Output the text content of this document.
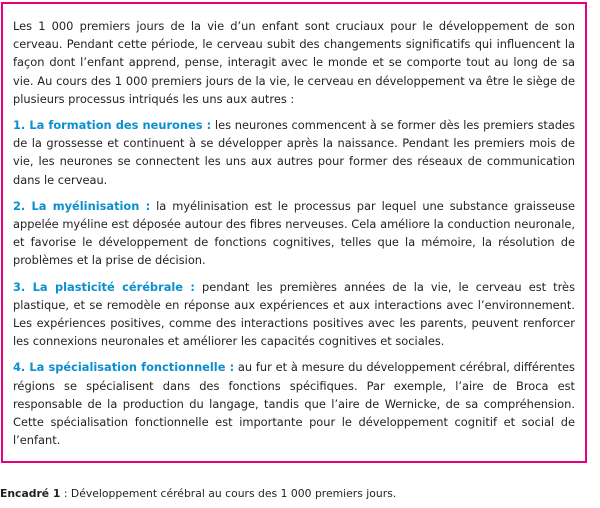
Les 1 000 premiers jours de la vie d’un enfant sont cruciaux pour le développement de son cerveau. Pendant cette période, le cerveau subit des changements significatifs qui influencent la façon dont l’enfant apprend, pense, interagit avec le monde et se comporte tout au long de sa vie. Au cours des 1 000 premiers jours de la vie, le cerveau en développement va être le siège de plusieurs processus intriqués les uns aux autres :

1. La formation des neurones : les neurones commencent à se former dès les premiers stades de la grossesse et continuent à se développer après la naissance. Pendant les premiers mois de vie, les neurones se connectent les uns aux autres pour former des réseaux de communication dans le cerveau.

2. La myélinisation : la myélinisation est le processus par lequel une substance graisseuse appelée myéline est déposée autour des fibres nerveuses. Cela améliore la conduction neuronale, et favorise le développement de fonctions cognitives, telles que la mémoire, la résolution de problèmes et la prise de décision.

3. La plasticité cérébrale : pendant les premières années de la vie, le cerveau est très plastique, et se remodèle en réponse aux expériences et aux interactions avec l’environnement. Les expériences positives, comme des interactions positives avec les parents, peuvent renforcer les connexions neuronales et améliorer les capacités cognitives et sociales.

4. La spécialisation fonctionnelle : au fur et à mesure du développement cérébral, différentes régions se spécialisent dans des fonctions spécifiques. Par exemple, l’aire de Broca est responsable de la production du langage, tandis que l’aire de Wernicke, de sa compréhension. Cette spécialisation fonctionnelle est importante pour le développement cognitif et social de l’enfant.

Encadré 1 : Développement cérébral au cours des 1 000 premiers jours.
